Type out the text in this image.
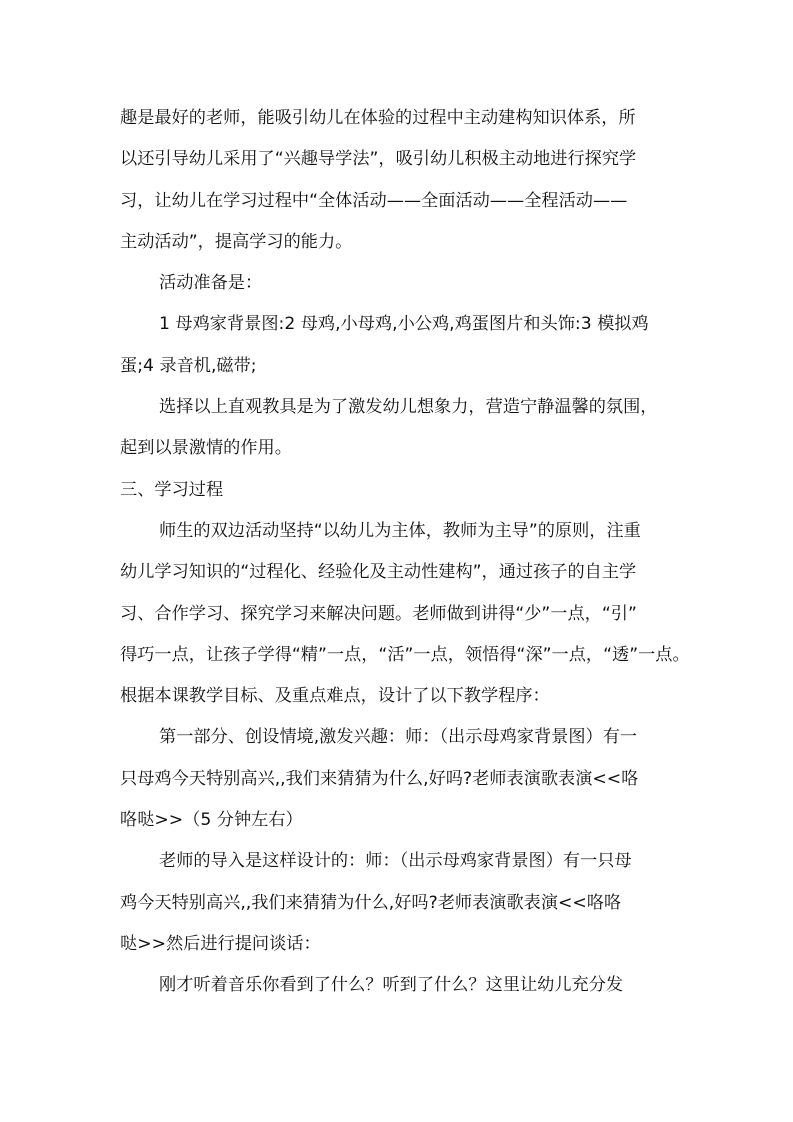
趣是最好的老师，能吸引幼儿在体验的过程中主动建构知识体系，所
以还引导幼儿采用了“兴趣导学法”，吸引幼儿积极主动地进行探究学
习，让幼儿在学习过程中“全体活动——全面活动——全程活动——
主动活动”，提高学习的能力。
活动准备是：
1 母鸡家背景图:2 母鸡,小母鸡,小公鸡,鸡蛋图片和头饰:3 模拟鸡
蛋;4 录音机,磁带;
选择以上直观教具是为了激发幼儿想象力，营造宁静温馨的氛围，
起到以景激情的作用。
三、学习过程
师生的双边活动坚持“以幼儿为主体，教师为主导”的原则，注重
幼儿学习知识的“过程化、经验化及主动性建构”，通过孩子的自主学
习、合作学习、探究学习来解决问题。老师做到讲得“少”一点，“引”
得巧一点，让孩子学得“精”一点，“活”一点，领悟得“深”一点，“透”一点。
根据本课教学目标、及重点难点，设计了以下教学程序：
第一部分、创设情境,激发兴趣：师：（出示母鸡家背景图）有一
只母鸡今天特别高兴,,我们来猜猜为什么,好吗?老师表演歌表演<<咯
咯哒>>（5 分钟左右）
老师的导入是这样设计的：师：（出示母鸡家背景图）有一只母
鸡今天特别高兴,,我们来猜猜为什么,好吗?老师表演歌表演<<咯咯
哒>>然后进行提问谈话：
刚才听着音乐你看到了什么？听到了什么？这里让幼儿充分发
